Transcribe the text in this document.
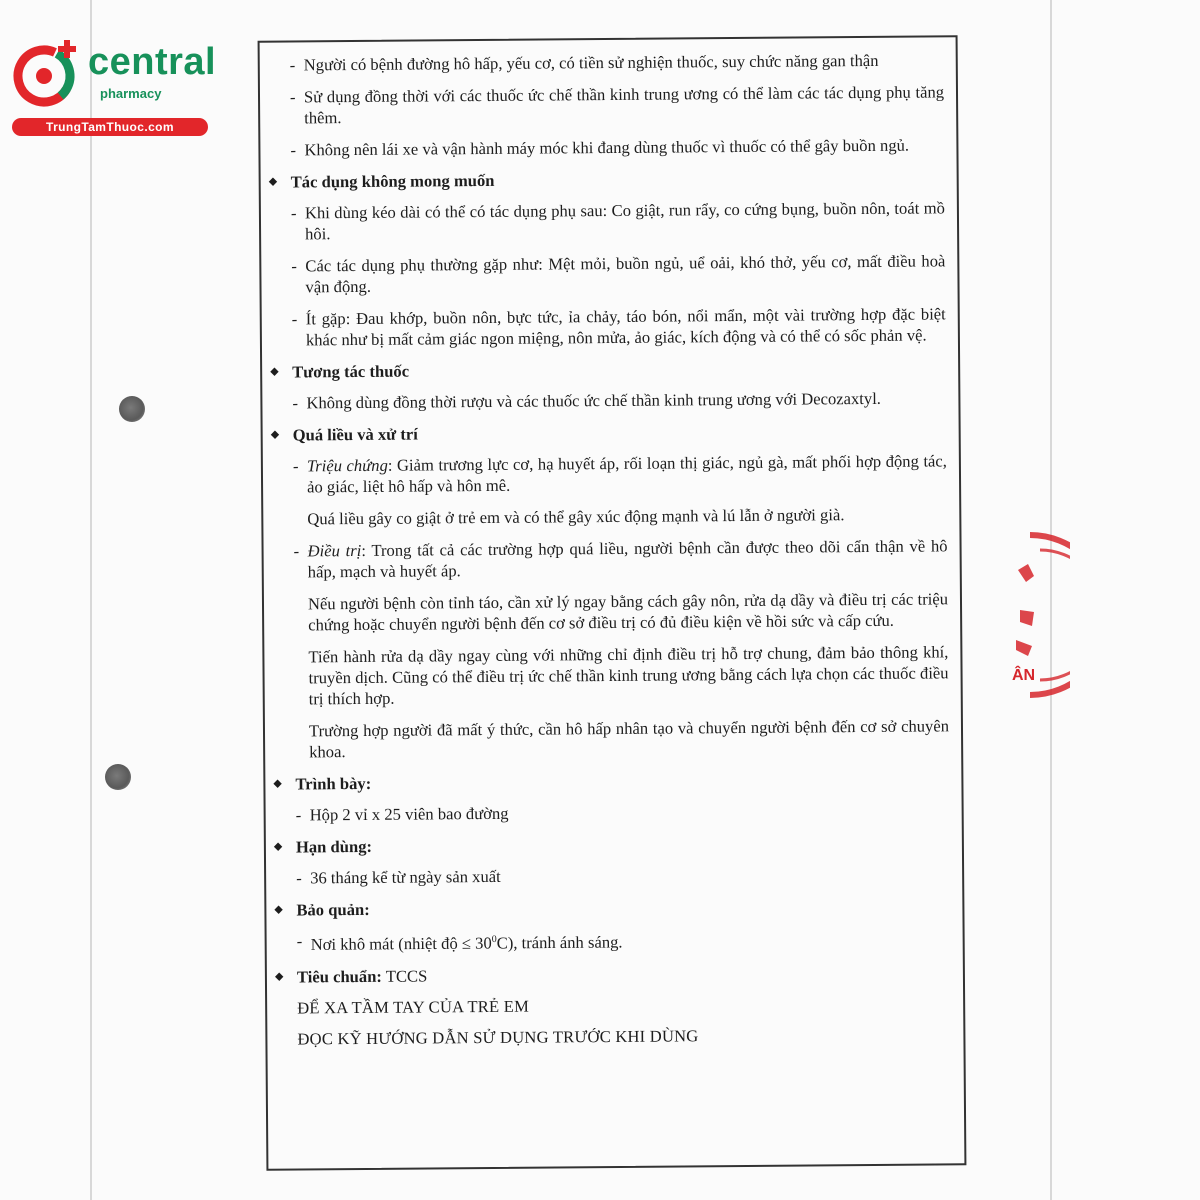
central
pharmacy
TrungTamThuoc.com
ÂN
- Người có bệnh đường hô hấp, yếu cơ, có tiền sử nghiện thuốc, suy chức năng gan thận
- Sử dụng đồng thời với các thuốc ức chế thần kinh trung ương có thể làm các tác dụng phụ tăng thêm.
- Không nên lái xe và vận hành máy móc khi đang dùng thuốc vì thuốc có thể gây buồn ngủ.
◆ Tác dụng không mong muốn
- Khi dùng kéo dài có thể có tác dụng phụ sau: Co giật, run rẩy, co cứng bụng, buồn nôn, toát mồ hôi.
- Các tác dụng phụ thường gặp như: Mệt mỏi, buồn ngủ, uể oải, khó thở, yếu cơ, mất điều hoà vận động.
- Ít gặp: Đau khớp, buồn nôn, bực tức, ỉa chảy, táo bón, nổi mẩn, một vài trường hợp đặc biệt khác như bị mất cảm giác ngon miệng, nôn mửa, ảo giác, kích động và có thể có sốc phản vệ.
◆ Tương tác thuốc
- Không dùng đồng thời rượu và các thuốc ức chế thần kinh trung ương với Decozaxtyl.
◆ Quá liều và xử trí
- Triệu chứng: Giảm trương lực cơ, hạ huyết áp, rối loạn thị giác, ngủ gà, mất phối hợp động tác, ảo giác, liệt hô hấp và hôn mê.
Quá liều gây co giật ở trẻ em và có thể gây xúc động mạnh và lú lẫn ở người già.
- Điều trị: Trong tất cả các trường hợp quá liều, người bệnh cần được theo dõi cẩn thận về hô hấp, mạch và huyết áp.
Nếu người bệnh còn tỉnh táo, cần xử lý ngay bằng cách gây nôn, rửa dạ dầy và điều trị các triệu chứng hoặc chuyển người bệnh đến cơ sở điều trị có đủ điều kiện về hồi sức và cấp cứu.
Tiến hành rửa dạ dầy ngay cùng với những chỉ định điều trị hỗ trợ chung, đảm bảo thông khí, truyền dịch. Cũng có thể điều trị ức chế thần kinh trung ương bằng cách lựa chọn các thuốc điều trị thích hợp.
Trường hợp người đã mất ý thức, cần hô hấp nhân tạo và chuyển người bệnh đến cơ sở chuyên khoa.
◆ Trình bày:
- Hộp 2 vỉ x 25 viên bao đường
◆ Hạn dùng:
- 36 tháng kể từ ngày sản xuất
◆ Bảo quản:
- Nơi khô mát (nhiệt độ ≤ $30^0C$), tránh ánh sáng.
◆ Tiêu chuẩn: TCCS
ĐỂ XA TẦM TAY CỦA TRẺ EM
ĐỌC KỸ HƯỚNG DẪN SỬ DỤNG TRƯỚC KHI DÙNG
